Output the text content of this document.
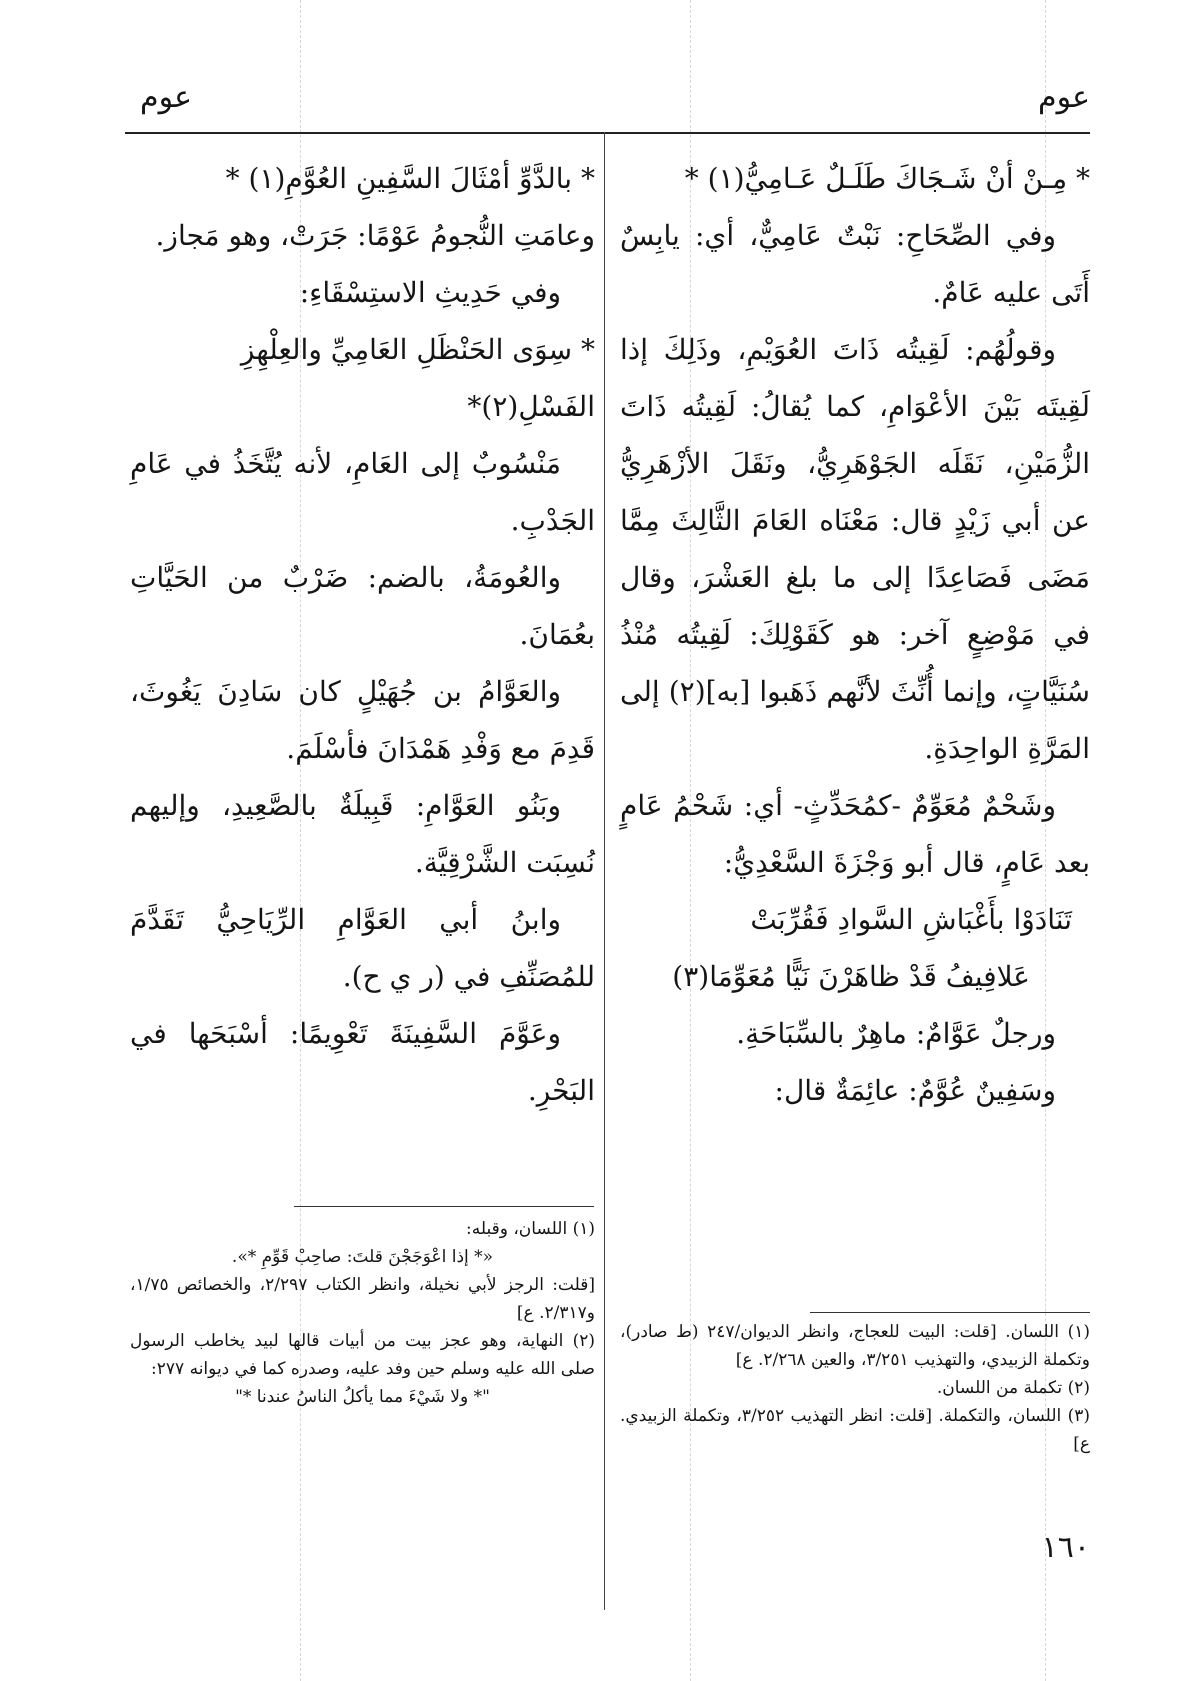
عوم
عوم

* مِـنْ أنْ شَـجَاكَ طَلَـلٌ عَـامِيُّ(١) *

وفي الصِّحَاحِ: نَبْتٌ عَامِيٌّ، أي: يابِسٌ أَتَى عليه عَامٌ.

وقولُهُم: لَقِيتُه ذَاتَ العُوَيْمِ، وذَلِكَ إذا لَقِيتَه بَيْنَ الأعْوَامِ، كما يُقالُ: لَقِيتُه ذَاتَ الزُّمَيْنِ، نَقَلَه الجَوْهَرِيُّ، ونَقَلَ الأزْهَرِيُّ عن أبي زَيْدٍ قال: مَعْنَاه العَامَ الثَّالِثَ مِمَّا مَضَى فَصَاعِدًا إلى ما بلغ العَشْرَ، وقال في مَوْضِعٍ آخر: هو كَقَوْلِكَ: لَقِيتُه مُنْذُ سُنَيَّاتٍ، وإنما أُنِّثَ لأنَّهم ذَهَبوا [به](٢) إلى المَرَّةِ الواحِدَةِ.

وشَحْمٌ مُعَوِّمٌ -كمُحَدِّثٍ- أي: شَحْمُ عَامٍ بعد عَامٍ، قال أبو وَجْزَةَ السَّعْدِيُّ:

تَنَادَوْا بأَغْبَاشِ السَّوادِ فَقُرِّبَتْ

عَلافِيفُ قَدْ ظاهَرْنَ نَيًّا مُعَوِّمَا(٣)

ورجلٌ عَوَّامٌ: ماهِرٌ بالسِّبَاحَةِ.

وسَفِينٌ عُوَّمٌ: عائِمَةٌ قال:

* بالدَّوِّ أمْثَالَ السَّفِينِ العُوَّمِ(١) *

وعامَتِ النُّجومُ عَوْمًا: جَرَتْ، وهو مَجاز.

وفي حَدِيثِ الاستِسْقَاءِ:

* سِوَى الحَنْظَلِ العَامِيِّ والعِلْهِزِ الفَسْلِ(٢)*

مَنْسُوبٌ إلى العَامِ، لأنه يُتَّخَذُ في عَامِ الجَدْبِ.

والعُومَةُ، بالضم: ضَرْبٌ من الحَيَّاتِ بعُمَانَ.

والعَوَّامُ بن جُهَيْلٍ كان سَادِنَ يَغُوثَ، قَدِمَ مع وَفْدِ هَمْدَانَ فأسْلَمَ.

وبَنُو العَوَّامِ: قَبِيلَةٌ بالصَّعِيدِ، وإليهم نُسِبَت الشَّرْقِيَّة.

وابنُ أبي العَوَّامِ الرِّيَاحِيُّ تَقَدَّمَ للمُصَنِّفِ في (ر ي ح).

وعَوَّمَ السَّفِينَةَ تَعْوِيمًا: أسْبَحَها في البَحْرِ.

(١) اللسان. [قلت: البيت للعجاج، وانظر الديوان/٢٤٧ (ط صادر)، وتكملة الزبيدي، والتهذيب ٣/٢٥١، والعين ٢/٢٦٨. ع]

(٢) تكملة من اللسان.

(٣) اللسان، والتكملة. [قلت: انظر التهذيب ٣/٢٥٢، وتكملة الزبيدي. ع]

(١) اللسان، وقبله:

«* إذا اعْوَجَجْنَ قلتَ: صاحِبْ قَوِّمِ *».

[قلت: الرجز لأبي نخيلة، وانظر الكتاب ٢/٢٩٧، والخصائص ١/٧٥، و٢/٣١٧. ع]

(٢) النهاية، وهو عجز بيت من أبيات قالها لبيد يخاطب الرسول صلى الله عليه وسلم حين وفد عليه، وصدره كما في ديوانه ٢٧٧:

"* ولا شَيْءَ مما يأكلُ الناسُ عندنا *"

١٦٠
